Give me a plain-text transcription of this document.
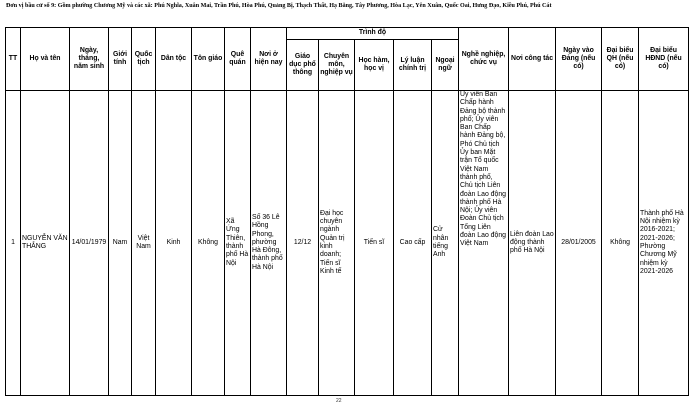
Đơn vị bầu cử số 9: Gồm phường Chương Mỹ và các xã: Phú Nghĩa, Xuân Mai, Trần Phú, Hòa Phú, Quảng Bị, Thạch Thất, Hạ Bằng, Tây Phương, Hòa Lạc, Yên Xuân, Quốc Oai, Hưng Đạo, Kiều Phú, Phú Cát
TT	Họ và tên	Ngày, tháng, năm sinh	Giới tính	Quốc tịch	Dân tộc	Tôn giáo	Quê quán	Nơi ở hiện nay	Trình độ					Nghề nghiệp, chức vụ	Nơi công tác	Ngày vào Đảng (nếu có)	Đại biểu QH (nếu có)	Đại biểu HĐND (nếu có)
									Giáo dục phổ thông	Chuyên môn, nghiệp vụ	Học hàm, học vị	Lý luận chính trị	Ngoại ngữ					
1	NGUYỄN VĂN THẮNG	14/01/1979	Nam	Việt Nam	Kinh	Không	Xã Ứng Thiên, thành phố Hà Nội	Số 36 Lê Hồng Phong, phường Hà Đông, thành phố Hà Nội	12/12	Đại học chuyên ngành Quản trị kinh doanh; Tiến sĩ Kinh tế	Tiến sĩ	Cao cấp	Cử nhân tiếng Anh	Ủy viên Ban Chấp hành Đảng bộ thành phố; Ủy viên Ban Chấp hành Đảng bộ, Phó Chủ tịch Ủy ban Mặt trận Tổ quốc Việt Nam thành phố, Chủ tịch Liên đoàn Lao động thành phố Hà Nội; Ủy viên Đoàn Chủ tịch Tổng Liên đoàn Lao động Việt Nam	Liên đoàn Lao động thành phố Hà Nội	28/01/2005	Không	Thành phố Hà Nội nhiệm kỳ 2016-2021; 2021-2026; Phường Chương Mỹ nhiệm kỳ 2021-2026
22
